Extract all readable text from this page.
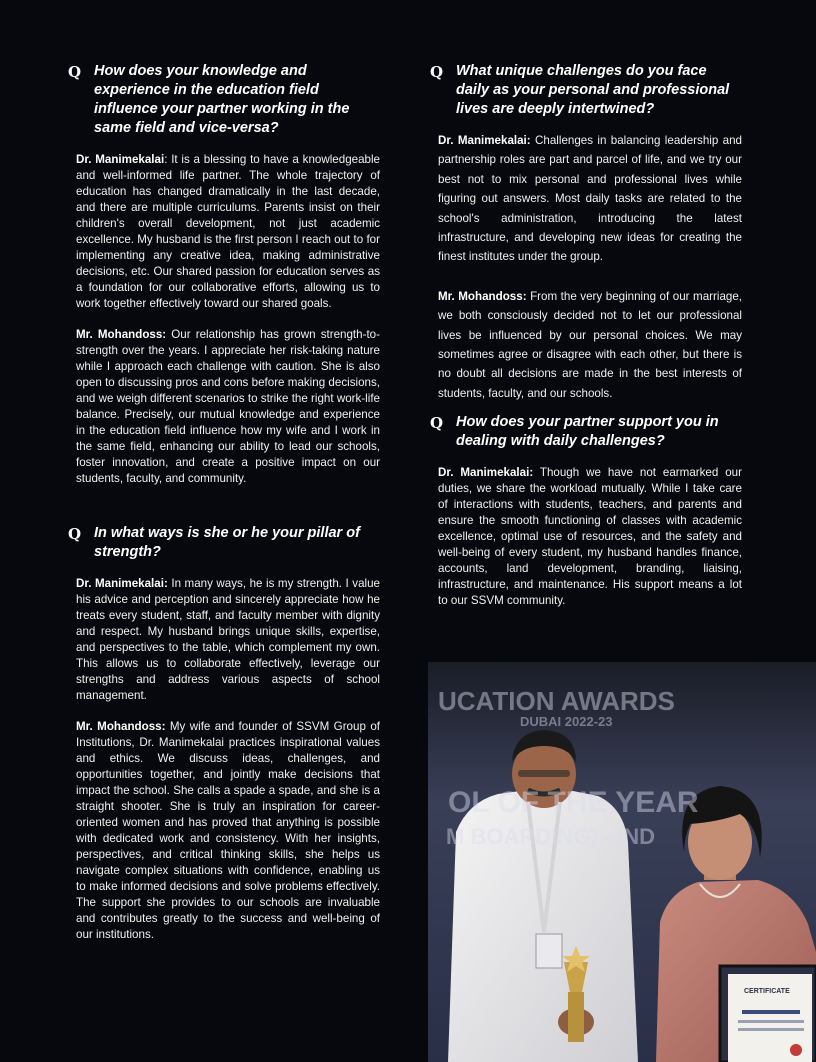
Q How does your knowledge and experience in the education field influence your partner working in the same field and vice-versa?

Dr. Manimekalai: It is a blessing to have a knowledgeable and well-informed life partner. The whole trajectory of education has changed dramatically in the last decade, and there are multiple curriculums. Parents insist on their children's overall development, not just academic excellence. My husband is the first person I reach out to for implementing any creative idea, making administrative decisions, etc. Our shared passion for education serves as a foundation for our collaborative efforts, allowing us to work together effectively toward our shared goals.

Mr. Mohandoss: Our relationship has grown strength-to-strength over the years. I appreciate her risk-taking nature while I approach each challenge with caution. She is also open to discussing pros and cons before making decisions, and we weigh different scenarios to strike the right work-life balance. Precisely, our mutual knowledge and experience in the education field influence how my wife and I work in the same field, enhancing our ability to lead our schools, foster innovation, and create a positive impact on our students, faculty, and community.

Q In what ways is she or he your pillar of strength?

Dr. Manimekalai: In many ways, he is my strength. I value his advice and perception and sincerely appreciate how he treats every student, staff, and faculty member with dignity and respect. My husband brings unique skills, expertise, and perspectives to the table, which complement my own. This allows us to collaborate effectively, leverage our strengths and address various aspects of school management.

Mr. Mohandoss: My wife and founder of SSVM Group of Institutions, Dr. Manimekalai practices inspirational values and ethics. We discuss ideas, challenges, and opportunities together, and jointly make decisions that impact the school. She calls a spade a spade, and she is a straight shooter. She is truly an inspiration for career-oriented women and has proved that anything is possible with dedicated work and consistency. With her insights, perspectives, and critical thinking skills, she helps us navigate complex situations with confidence, enabling us to make informed decisions and solve problems effectively. The support she provides to our schools are invaluable and contributes greatly to the success and well-being of our institutions.

Q What unique challenges do you face daily as your personal and professional lives are deeply intertwined?

Dr. Manimekalai: Challenges in balancing leadership and partnership roles are part and parcel of life, and we try our best not to mix personal and professional lives while figuring out answers. Most daily tasks are related to the school's administration, introducing the latest infrastructure, and developing new ideas for creating the finest institutes under the group.

Mr. Mohandoss: From the very beginning of our marriage, we both consciously decided not to let our professional lives be influenced by our personal choices. We may sometimes agree or disagree with each other, but there is no doubt all decisions are made in the best interests of students, faculty, and our schools.

Q How does your partner support you in dealing with daily challenges?

Dr. Manimekalai: Though we have not earmarked our duties, we share the workload mutually. While I take care of interactions with students, teachers, and parents and ensure the smooth functioning of classes with academic excellence, optimal use of resources, and the safety and well-being of every student, my husband handles finance, accounts, land development, branding, liaising, infrastructure, and maintenance. His support means a lot to our SSVM community.

UCATION AWARDS
DUBAI 2022-23
OL OF THE YEAR
M BOARDING) - IND
CERTIFICATE
